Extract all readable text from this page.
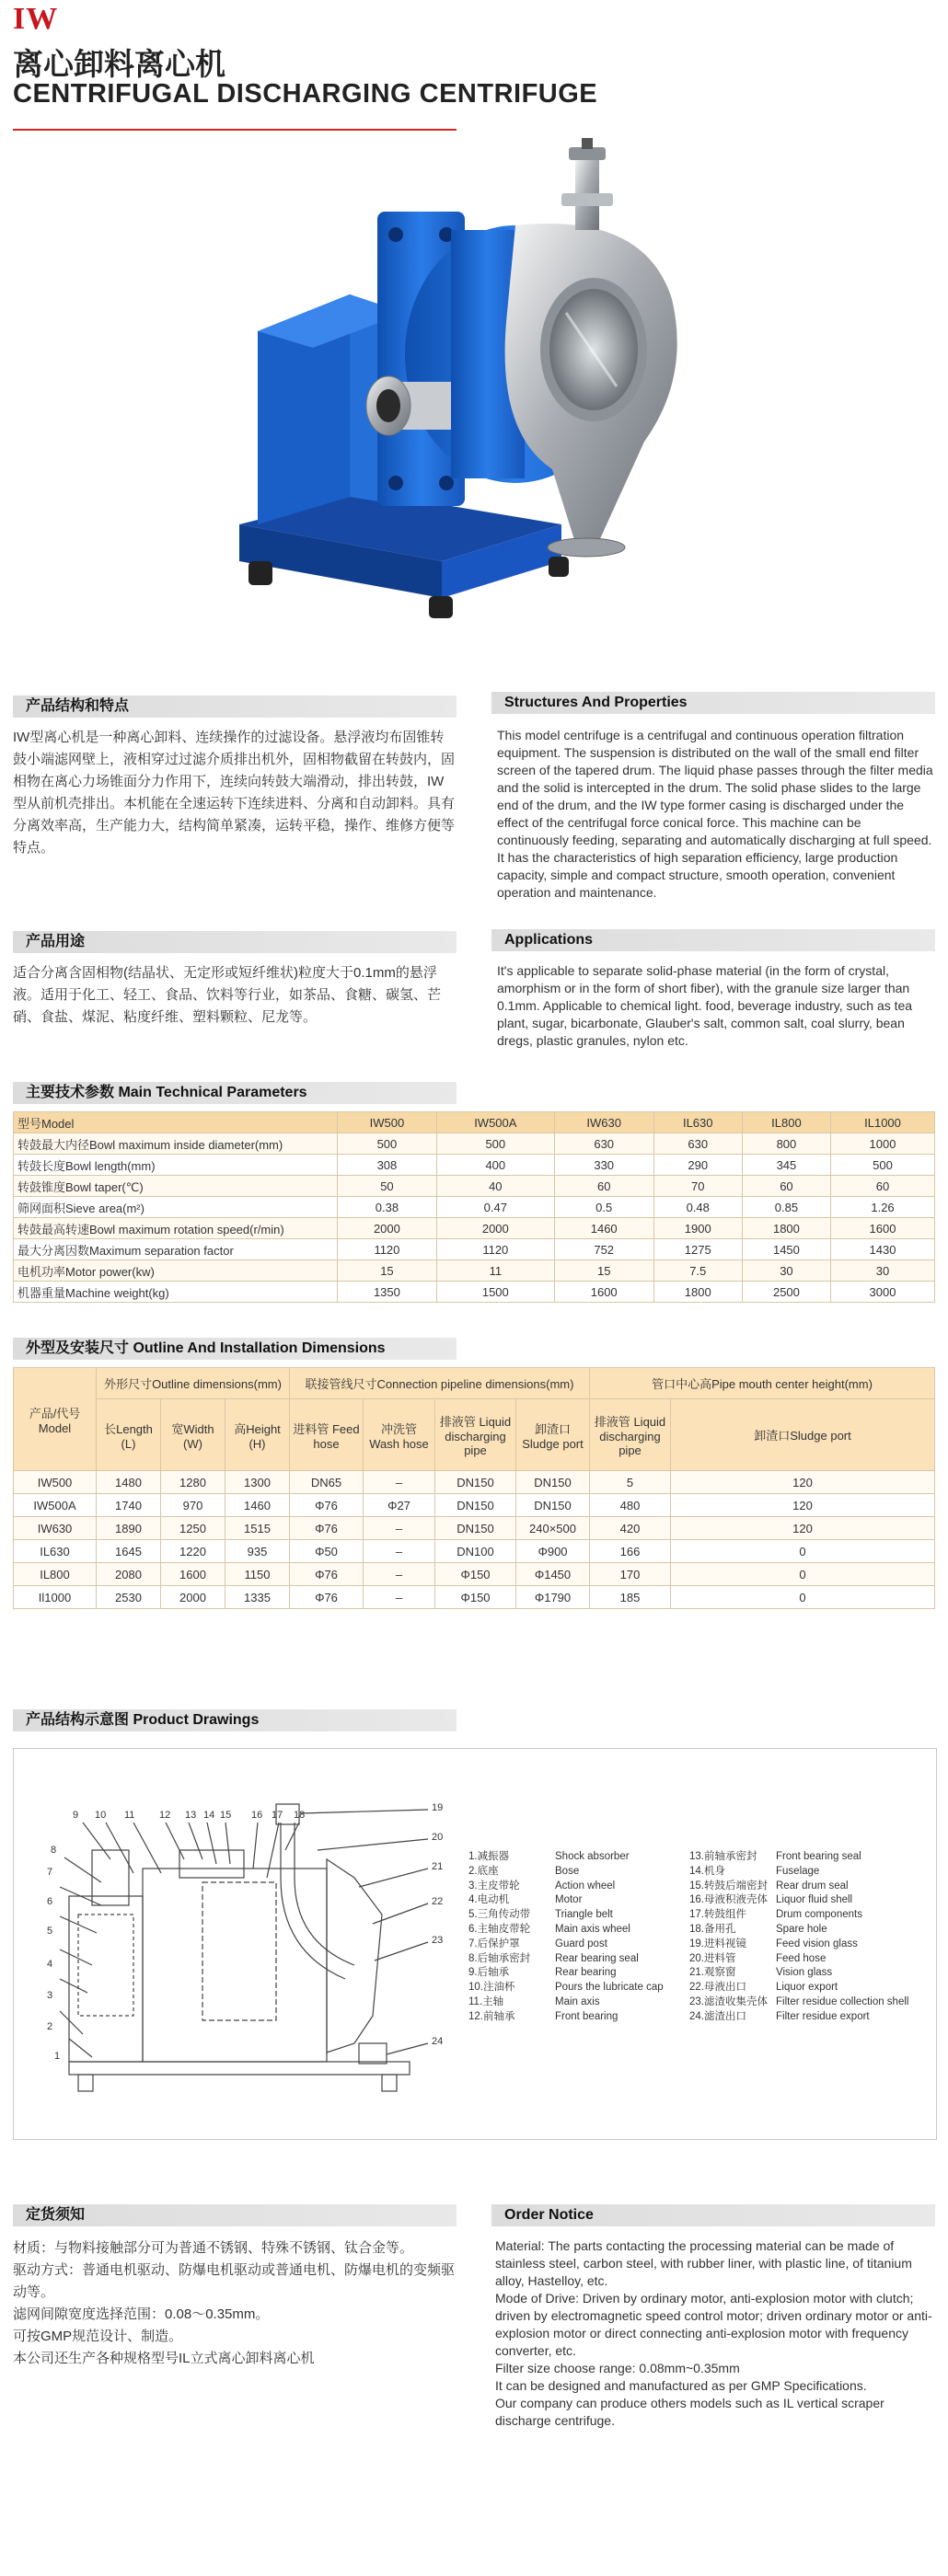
IW
离心卸料离心机
CENTRIFUGAL DISCHARGING CENTRIFUGE
产品结构和特点	Structures And Properties
IW型离心机是一种离心卸料、连续操作的过滤设备。悬浮液均布固锥转鼓小端滤网壁上，液相穿过过滤介质排出机外，固相物截留在转鼓内，固相物在离心力场锥面分力作用下，连续向转鼓大端滑动，排出转鼓，IW型从前机壳排出。本机能在全速运转下连续进料、分离和自动卸料。具有分离效率高，生产能力大，结构简单紧凑，运转平稳，操作、维修方便等特点。
This model centrifuge is a centrifugal and continuous operation filtration equipment. The suspension is distributed on the wall of the small end filter screen of the tapered drum. The liquid phase passes through the filter media and the solid is intercepted in the drum. The solid phase slides to the large end of the drum, and the IW type former casing is discharged under the effect of the centrifugal force conical force. This machine can be continuously feeding, separating and automatically discharging at full speed. It has the characteristics of high separation efficiency, large production capacity, simple and compact structure, smooth operation, convenient operation and maintenance.
产品用途	Applications
适合分离含固相物(结晶状、无定形或短纤维状)粒度大于0.1mm的悬浮液。适用于化工、轻工、食品、饮料等行业，如茶品、食糖、碳氢、芒硝、食盐、煤泥、粘度纤维、塑料颗粒、尼龙等。
It's applicable to separate solid-phase material (in the form of crystal, amorphism or in the form of short fiber), with the granule size larger than 0.1mm. Applicable to chemical light. food, beverage industry, such as tea plant, sugar, bicarbonate, Glauber's salt, common salt, coal slurry, bean dregs, plastic granules, nylon etc.
主要技术参数 Main Technical Parameters
型号Model	IW500	IW500A	IW630	IL630	IL800	IL1000
转鼓最大内径Bowl maximum inside diameter(mm)	500	500	630	630	800	1000
转鼓长度Bowl length(mm)	308	400	330	290	345	500
转鼓锥度Bowl taper(℃)	50	40	60	70	60	60
筛网面积Sieve area(m²)	0.38	0.47	0.5	0.48	0.85	1.26
转鼓最高转速Bowl maximum rotation speed(r/min)	2000	2000	1460	1900	1800	1600
最大分离因数Maximum separation factor	1120	1120	752	1275	1450	1430
电机功率Motor power(kw)	15	11	15	7.5	30	30
机器重量Machine weight(kg)	1350	1500	1600	1800	2500	3000
外型及安装尺寸 Outline And Installation Dimensions
产品/代号 Model	外形尺寸Outline dimensions(mm)			联接管线尺寸Connection pipeline dimensions(mm)				管口中心高Pipe mouth center height(mm)	
	长Length (L)	宽Width (W)	高Height (H)	进料管 Feed hose	冲洗管 Wash hose	排液管 Liquid discharging pipe	卸渣口 Sludge port	排液管 Liquid discharging pipe	卸渣口Sludge port
IW500	1480	1280	1300	DN65	–	DN150	DN150	5	120
IW500A	1740	970	1460	Φ76	Φ27	DN150	DN150	480	120
IW630	1890	1250	1515	Φ76	–	DN150	240×500	420	120
IL630	1645	1220	935	Φ50	–	DN100	Φ900	166	0
IL800	2080	1600	1150	Φ76	–	Φ150	Φ1450	170	0
Il1000	2530	2000	1335	Φ76	–	Φ150	Φ1790	185	0
产品结构示意图 Product Drawings
1
2
3
4
5
6
7
8
9 10 11 12 13 14 15 16 17 18
19
20
21
22
23
24
1.减振器	Shock absorber
2.底座	Bose
3.主皮带轮	Action wheel
4.电动机	Motor
5.三角传动带 Triangle belt
6.主轴皮带轮 Main axis wheel
7.后保护罩	Guard post
8.后轴承密封 Rear bearing seal
9.后轴承	Rear bearing
10.注油杯	Pours the lubricate cap
11.主轴	Main axis
12.前轴承	Front bearing
13.前轴承密封 Front bearing seal
14.机身	Fuselage
15.转鼓后端密封 Rear drum seal
16.母液积液壳体 Liquor fluid shell
17.转鼓组件	Drum components
18.备用孔	Spare hole
19.进料视镜	Feed vision glass
20.进料管	Feed hose
21.观察窗	Vision glass
22.母液出口	Liquor export
23.滤渣收集壳体 Filter residue collection shell
24.滤渣出口	Filter residue export
定货须知	Order Notice
材质：与物料接触部分可为普通不锈钢、特殊不锈钢、钛合金等。
驱动方式：普通电机驱动、防爆电机驱动或普通电机、防爆电机的变频驱动等。
滤网间隙宽度选择范围：0.08～0.35mm。
可按GMP规范设计、制造。
本公司还生产各种规格型号IL立式离心卸料离心机
Material: The parts contacting the processing material can be made of stainless steel, carbon steel, with rubber liner, with plastic line, of titanium alloy, Hastelloy, etc.
Mode of Drive: Driven by ordinary motor, anti-explosion motor with clutch; driven by electromagnetic speed control motor; driven ordinary motor or anti-explosion motor or direct connecting anti-explosion motor with frequency converter, etc.
Filter size choose range: 0.08mm~0.35mm
It can be designed and manufactured as per GMP Specifications.
Our company can produce others models such as IL vertical scraper discharge centrifuge.
